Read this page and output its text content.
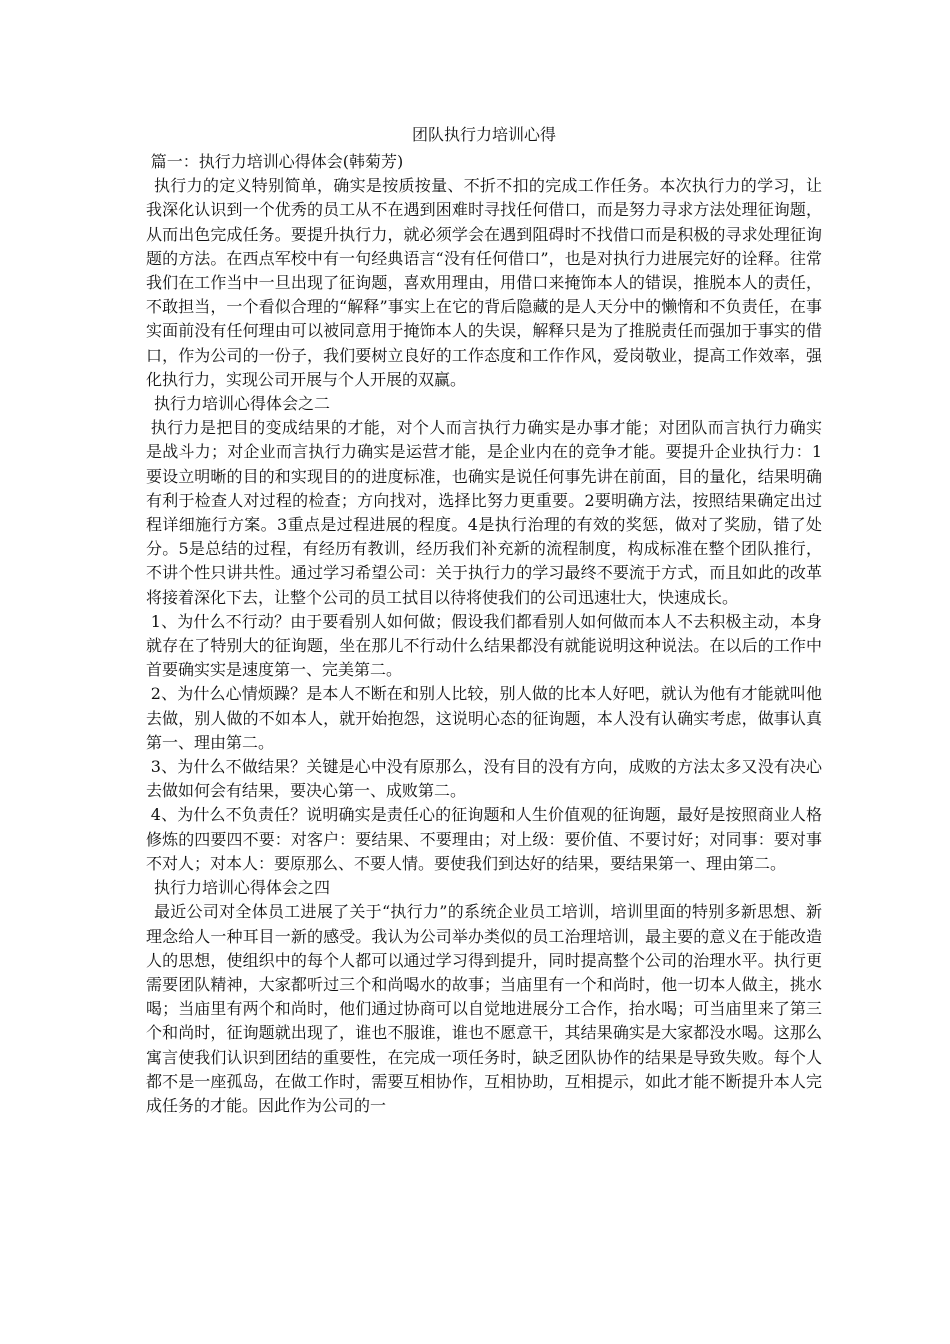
团队执行力培训心得

篇一：执行力培训心得体会(韩菊芳)

执行力的定义特别简单，确实是按质按量、不折不扣的完成工作任务。本次执行力的学习，让我深化认识到一个优秀的员工从不在遇到困难时寻找任何借口，而是努力寻求方法处理征询题，从而出色完成任务。要提升执行力，就必须学会在遇到阻碍时不找借口而是积极的寻求处理征询题的方法。在西点军校中有一句经典语言“没有任何借口”，也是对执行力进展完好的诠释。往常我们在工作当中一旦出现了征询题，喜欢用理由，用借口来掩饰本人的错误，推脱本人的责任，不敢担当，一个看似合理的“解释”事实上在它的背后隐藏的是人天分中的懒惰和不负责任，在事实面前没有任何理由可以被同意用于掩饰本人的失误，解释只是为了推脱责任而强加于事实的借口，作为公司的一份子，我们要树立良好的工作态度和工作作风，爱岗敬业，提高工作效率，强化执行力，实现公司开展与个人开展的双赢。

执行力培训心得体会之二

执行力是把目的变成结果的才能，对个人而言执行力确实是办事才能；对团队而言执行力确实是战斗力；对企业而言执行力确实是运营才能，是企业内在的竞争才能。要提升企业执行力：1要设立明晰的目的和实现目的的进度标准，也确实是说任何事先讲在前面，目的量化，结果明确有利于检查人对过程的检查；方向找对，选择比努力更重要。2要明确方法，按照结果确定出过程详细施行方案。3重点是过程进展的程度。4是执行治理的有效的奖惩，做对了奖励，错了处分。5是总结的过程，有经历有教训，经历我们补充新的流程制度，构成标准在整个团队推行，不讲个性只讲共性。通过学习希望公司：关于执行力的学习最终不要流于方式，而且如此的改革将接着深化下去，让整个公司的员工拭目以待将使我们的公司迅速壮大，快速成长。

1、为什么不行动？由于要看别人如何做；假设我们都看别人如何做而本人不去积极主动，本身就存在了特别大的征询题，坐在那儿不行动什么结果都没有就能说明这种说法。在以后的工作中首要确实实是速度第一、完美第二。

2、为什么心情烦躁？是本人不断在和别人比较，别人做的比本人好吧，就认为他有才能就叫他去做，别人做的不如本人，就开始抱怨，这说明心态的征询题，本人没有认确实考虑，做事认真第一、理由第二。

3、为什么不做结果？关键是心中没有原那么，没有目的没有方向，成败的方法太多又没有决心去做如何会有结果，要决心第一、成败第二。

4、为什么不负责任？说明确实是责任心的征询题和人生价值观的征询题，最好是按照商业人格修炼的四要四不要：对客户：要结果、不要理由；对上级：要价值、不要讨好；对同事：要对事不对人；对本人：要原那么、不要人情。要使我们到达好的结果，要结果第一、理由第二。

执行力培训心得体会之四

最近公司对全体员工进展了关于“执行力”的系统企业员工培训，培训里面的特别多新思想、新理念给人一种耳目一新的感受。我认为公司举办类似的员工治理培训，最主要的意义在于能改造人的思想，使组织中的每个人都可以通过学习得到提升，同时提高整个公司的治理水平。执行更需要团队精神，大家都听过三个和尚喝水的故事；当庙里有一个和尚时，他一切本人做主，挑水喝；当庙里有两个和尚时，他们通过协商可以自觉地进展分工合作，抬水喝；可当庙里来了第三个和尚时，征询题就出现了，谁也不服谁，谁也不愿意干，其结果确实是大家都没水喝。这那么寓言使我们认识到团结的重要性，在完成一项任务时，缺乏团队协作的结果是导致失败。每个人都不是一座孤岛，在做工作时，需要互相协作，互相协助，互相提示，如此才能不断提升本人完成任务的才能。因此作为公司的一
